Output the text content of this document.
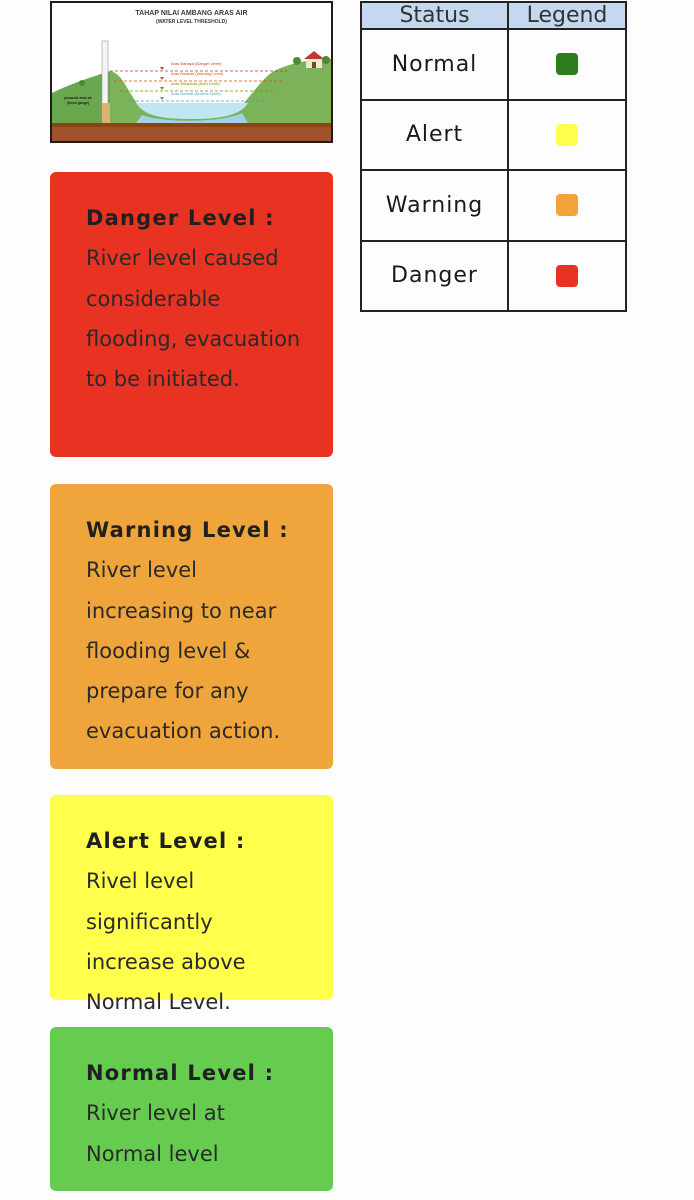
TAHAP NILAI AMBANG ARAS AIR
(WATER LEVEL THRESHOLD)
Aras Bahaya (Danger Level)
Aras Amaran (Warning Level)
Aras Waspada (Alert Level)
Aras Normal (Normal Level)
penanda aras air
(flood gauge)
Status	Legend
Normal	
Alert	
Warning	
Danger	
Danger Level : River level caused considerable flooding, evacuation to be initiated.
Warning Level : River level increasing to near flooding level & prepare for any evacuation action.
Alert Level : Rivel level significantly increase above Normal Level.
Normal Level : River level at Normal level
